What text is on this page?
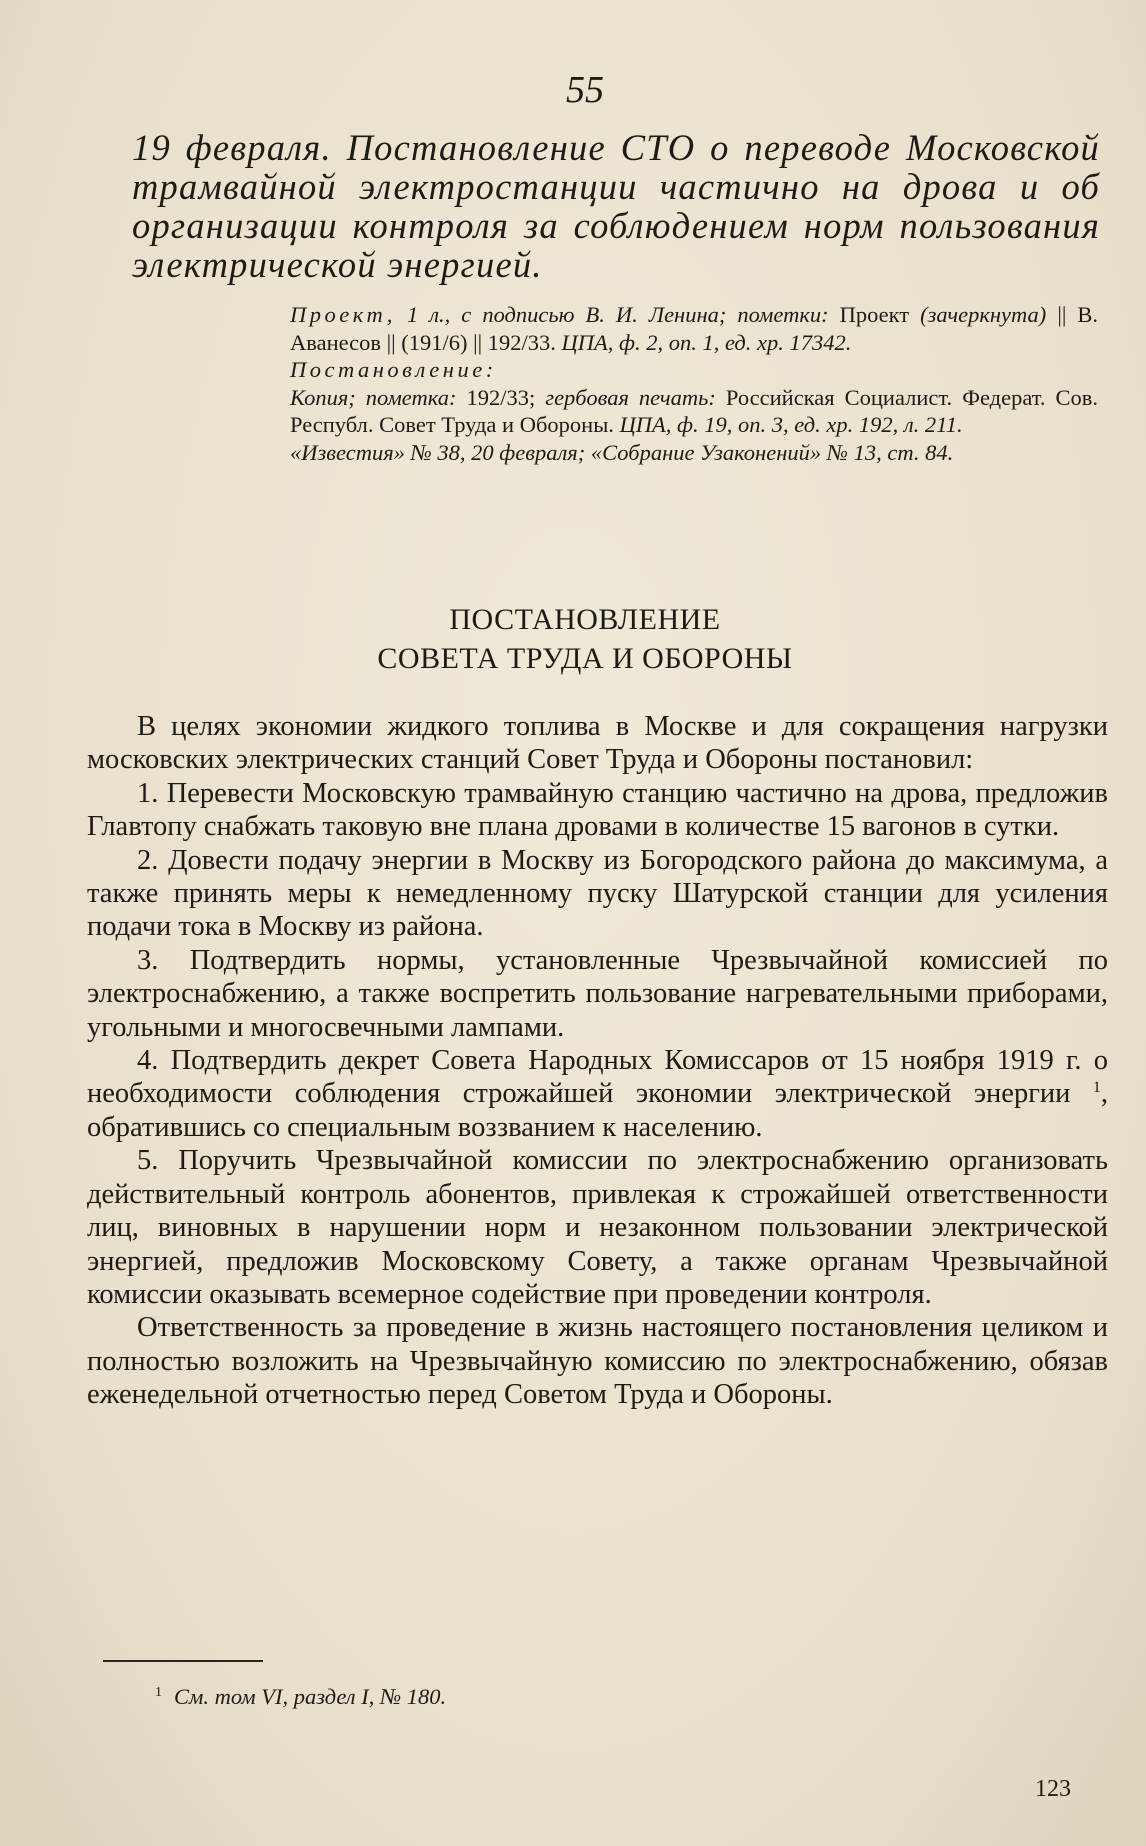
55
19 февраля. Постановление СТО о переводе Московской трамвайной электростанции частично на дрова и об организации контроля за соблюдением норм пользования электрической энергией.

Проект, 1 л., с подписью В. И. Ленина; пометки: Проект (зачеркнута) || В. Аванесов || (191/6) || 192/33. ЦПА, ф. 2, оп. 1, ед. хр. 17342.

Постановление:

Копия; пометка: 192/33; гербовая печать: Российская Социалист. Федерат. Сов. Республ. Совет Труда и Обороны. ЦПА, ф. 19, оп. 3, ед. хр. 192, л. 211.

«Известия» № 38, 20 февраля; «Собрание Узаконений» № 13, ст. 84.

ПОСТАНОВЛЕНИЕ
СОВЕТА ТРУДА И ОБОРОНЫ

В целях экономии жидкого топлива в Москве и для сокращения нагрузки московских электрических станций Совет Труда и Обороны постановил:

1. Перевести Московскую трамвайную станцию частично на дрова, предложив Главтопу снабжать таковую вне плана дровами в количестве 15 вагонов в сутки.

2. Довести подачу энергии в Москву из Богородского района до максимума, а также принять меры к немедленному пуску Шатурской станции для усиления подачи тока в Москву из района.

3. Подтвердить нормы, установленные Чрезвычайной комиссией по электроснабжению, а также воспретить пользование нагревательными приборами, угольными и многосвечными лампами.

4. Подтвердить декрет Совета Народных Комиссаров от 15 ноября 1919 г. о необходимости соблюдения строжайшей экономии электрической энергии $^1$, обратившись со специальным воззванием к населению.

5. Поручить Чрезвычайной комиссии по электроснабжению организовать действительный контроль абонентов, привлекая к строжайшей ответственности лиц, виновных в нарушении норм и незаконном пользовании электрической энергией, предложив Московскому Совету, а также органам Чрезвычайной комиссии оказывать всемерное содействие при проведении контроля.

Ответственность за проведение в жизнь настоящего постановления целиком и полностью возложить на Чрезвычайную комиссию по электроснабжению, обязав еженедельной отчетностью перед Советом Труда и Обороны.

$^1$ См. том VI, раздел I, № 180.
123
